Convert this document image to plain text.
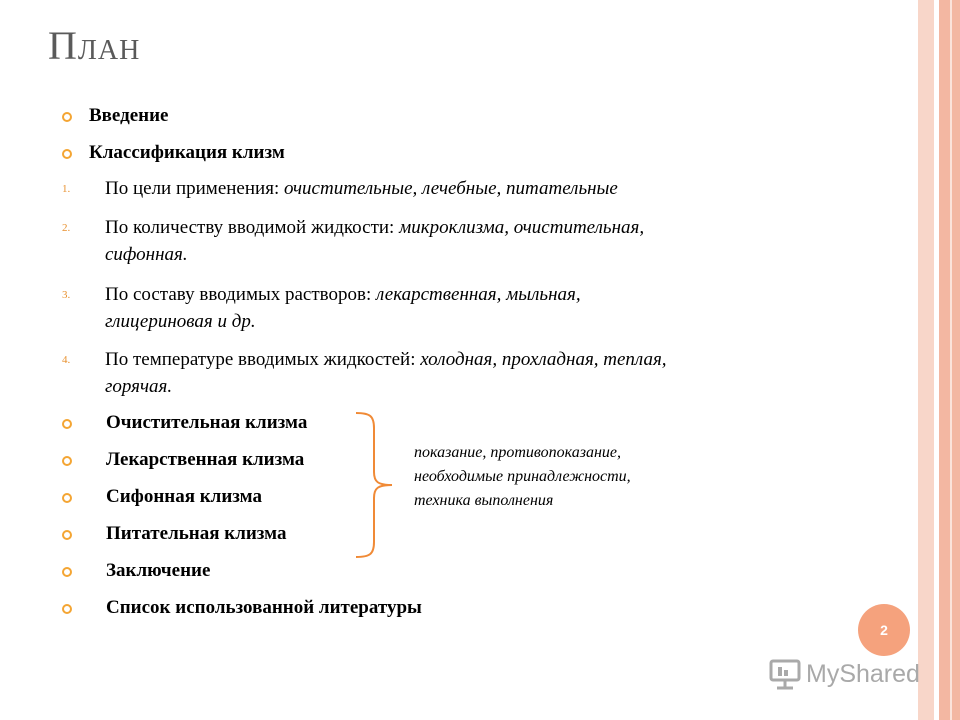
План
Введение
Классификация клизм
1. По цели применения: очистительные, лечебные, питательные
2. По количеству вводимой жидкости: микроклизма, очистительная,
сифонная.
3. По составу вводимых растворов: лекарственная, мыльная,
глицериновая и др.
4. По температуре вводимых жидкостей: холодная, прохладная, теплая,
горячая.
Очистительная клизма
Лекарственная клизма
Сифонная клизма
Питательная клизма
Заключение
Список использованной литературы
показание, противопоказание,
необходимые принадлежности,
техника выполнения
2
MyShared
